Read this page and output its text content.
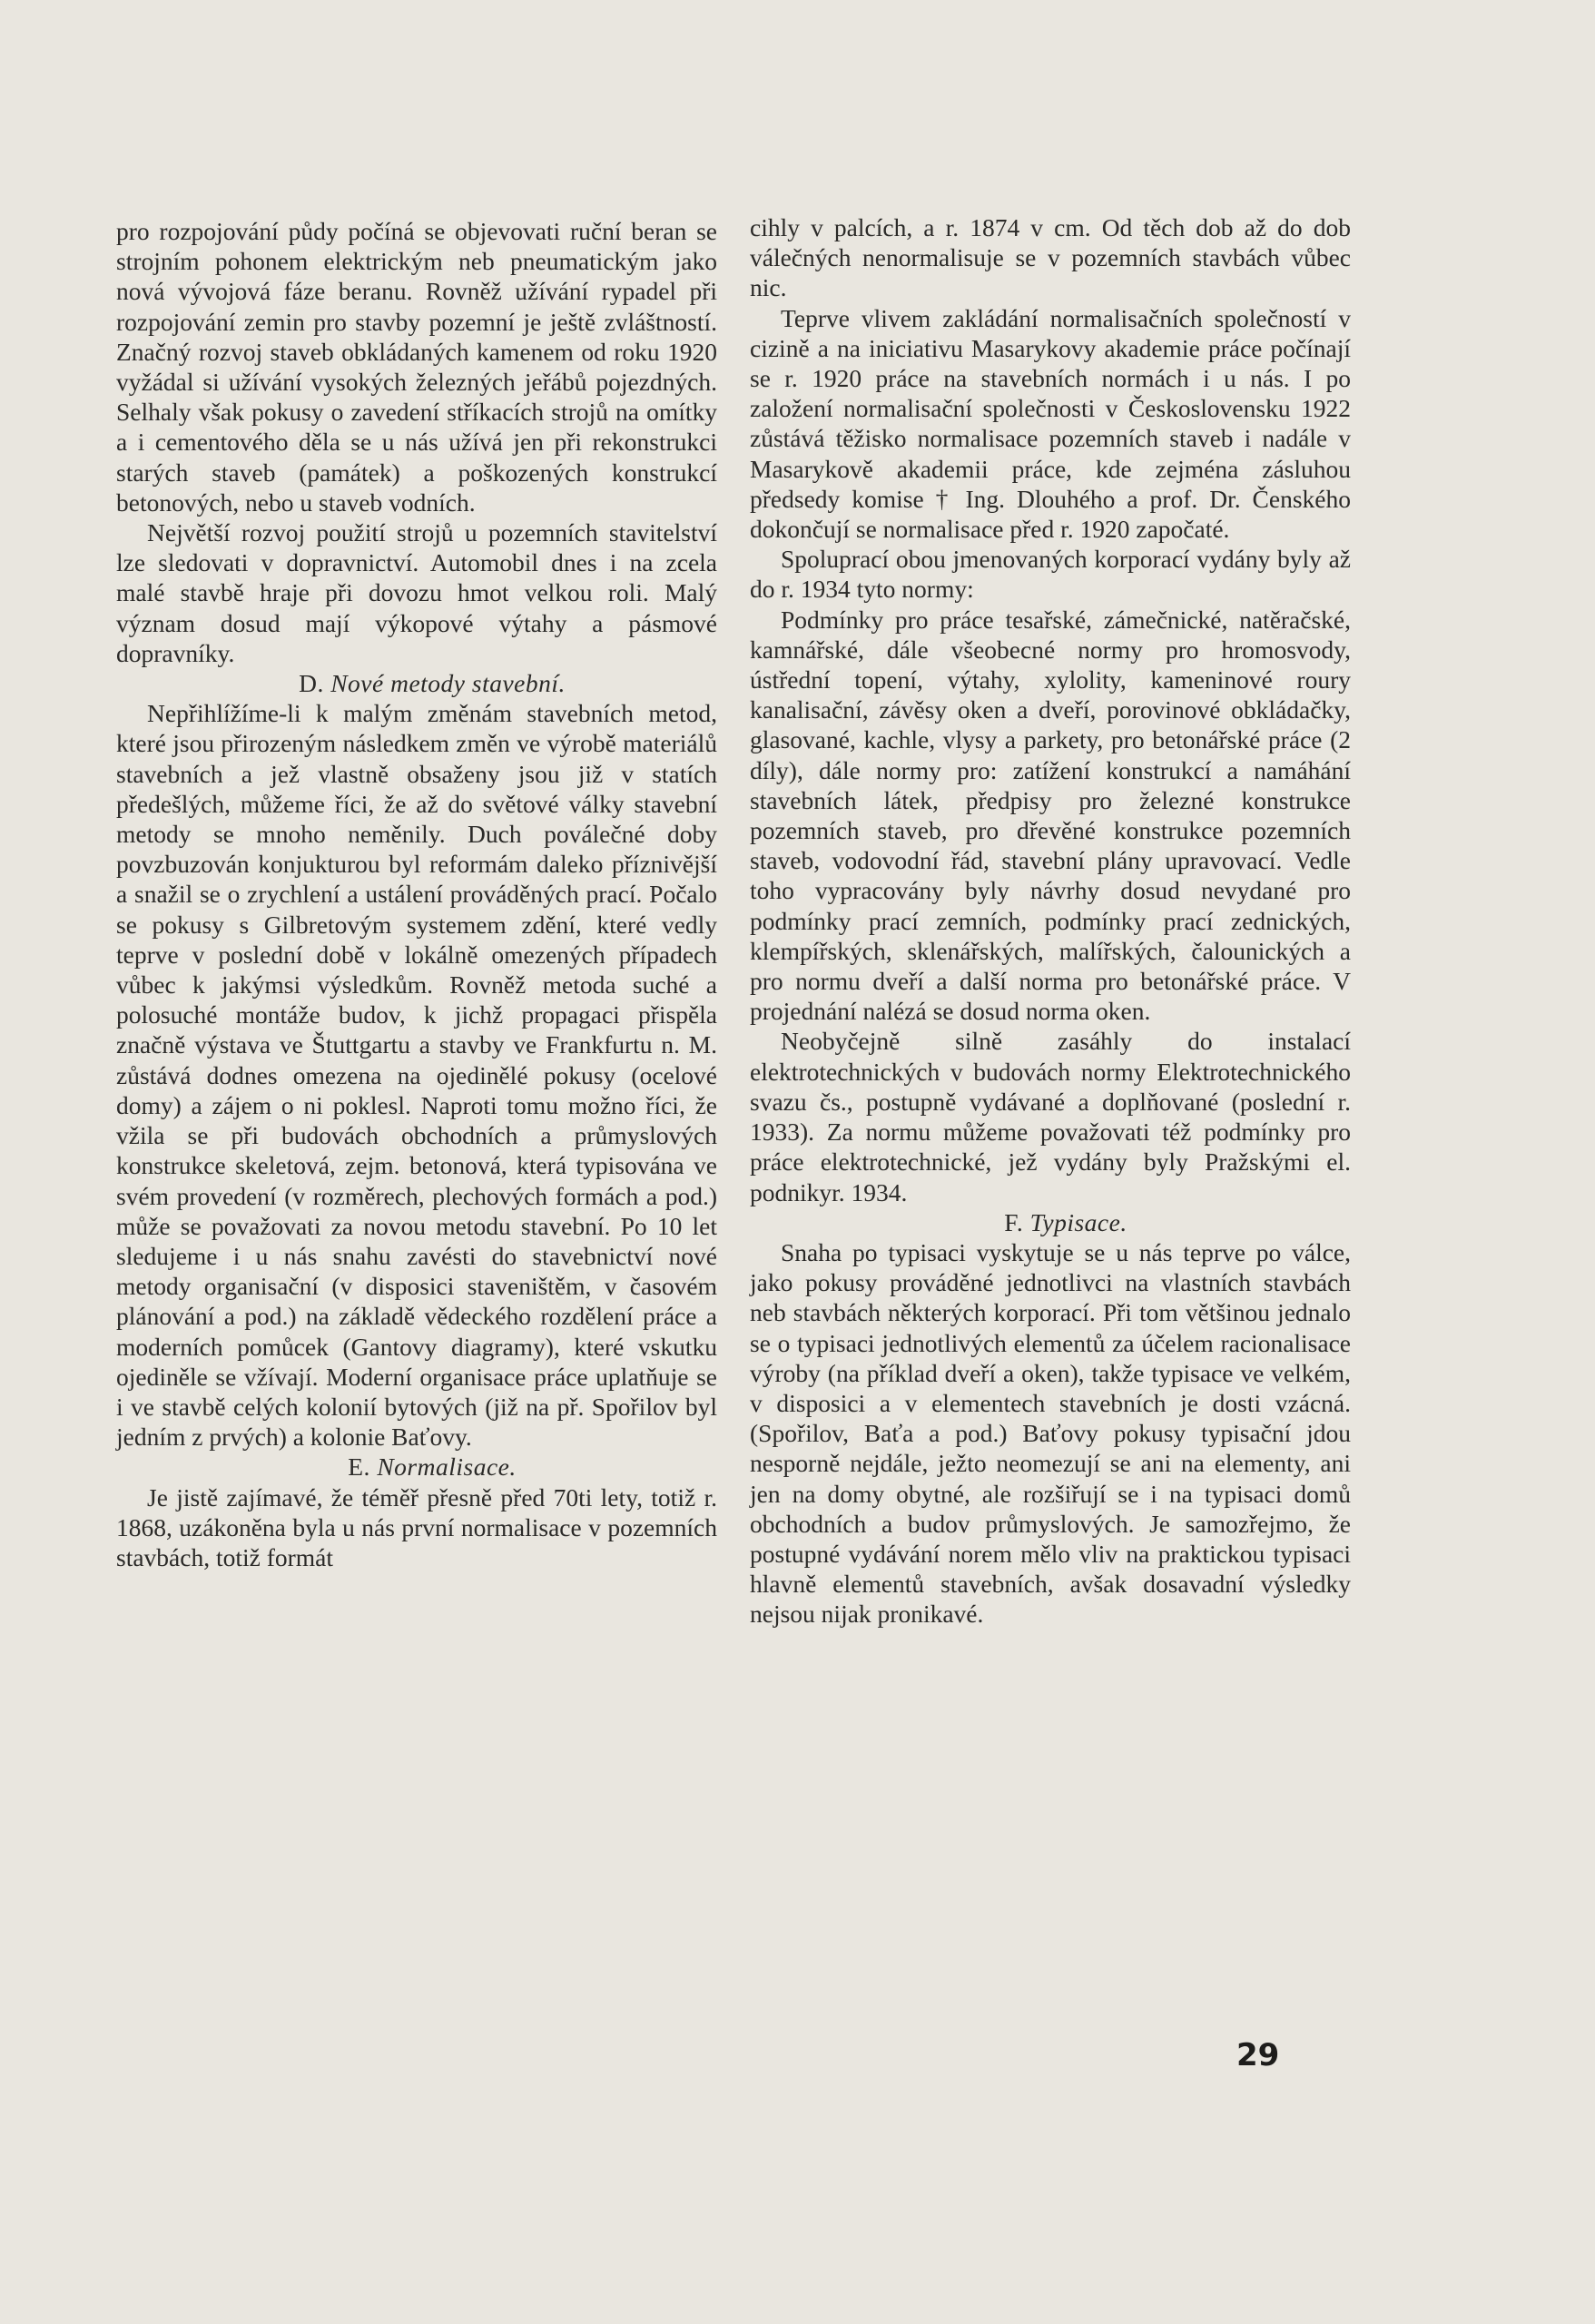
pro rozpojování půdy počíná se objevovati ruční beran se strojním pohonem elektrickým neb pneumatickým jako nová vývojová fáze beranu. Rovněž užívání rypadel při rozpojování zemin pro stavby pozemní je ještě zvláštností. Značný rozvoj staveb obkládaných kamenem od roku 1920 vyžádal si užívání vysokých železných jeřábů pojezdných. Selhaly však pokusy o zavedení stříkacích strojů na omítky a i cementového děla se u nás užívá jen při rekonstrukci starých staveb (památek) a poškozených konstrukcí betonových, nebo u staveb vodních.

Největší rozvoj použití strojů u pozemních stavitelství lze sledovati v dopravnictví. Automobil dnes i na zcela malé stavbě hraje při dovozu hmot velkou roli. Malý význam dosud mají výkopové výtahy a pásmové dopravníky.

D. Nové metody stavební.

Nepřihlížíme-li k malým změnám stavebních metod, které jsou přirozeným následkem změn ve výrobě materiálů stavebních a jež vlastně obsaženy jsou již v statích předešlých, můžeme říci, že až do světové války stavební metody se mnoho neměnily. Duch poválečné doby povzbuzován konjukturou byl reformám daleko příznivější a snažil se o zrychlení a ustálení prováděných prací. Počalo se pokusy s Gilbretovým systemem zdění, které vedly teprve v poslední době v lokálně omezených případech vůbec k jakýmsi výsledkům. Rovněž metoda suché a polosuché montáže budov, k jichž propagaci přispěla značně výstava ve Štuttgartu a stavby ve Frankfurtu n. M. zůstává dodnes omezena na ojedinělé pokusy (ocelové domy) a zájem o ni poklesl. Naproti tomu možno říci, že vžila se při budovách obchodních a průmyslových konstrukce skeletová, zejm. betonová, která typisována ve svém provedení (v rozměrech, plechových formách a pod.) může se považovati za novou metodu stavební. Po 10 let sledujeme i u nás snahu zavésti do stavebnictví nové metody organisační (v disposici staveništěm, v časovém plánování a pod.) na základě vědeckého rozdělení práce a moderních pomůcek (Gantovy diagramy), které vskutku ojediněle se vžívají. Moderní organisace práce uplatňuje se i ve stavbě celých kolonií bytových (již na př. Spořilov byl jedním z prvých) a kolonie Baťovy.

E. Normalisace.

Je jistě zajímavé, že téměř přesně před 70ti lety, totiž r. 1868, uzákoněna byla u nás první normalisace v pozemních stavbách, totiž formát

cihly v palcích, a r. 1874 v cm. Od těch dob až do dob válečných nenormalisuje se v pozemních stavbách vůbec nic.

Teprve vlivem zakládání normalisačních společností v cizině a na iniciativu Masarykovy akademie práce počínají se r. 1920 práce na stavebních normách i u nás. I po založení normalisační společnosti v Československu 1922 zůstává těžisko normalisace pozemních staveb i nadále v Masarykově akademii práce, kde zejména zásluhou předsedy komise † Ing. Dlouhého a prof. Dr. Čenského dokončují se normalisace před r. 1920 započaté.

Spoluprací obou jmenovaných korporací vydány byly až do r. 1934 tyto normy:

Podmínky pro práce tesařské, zámečnické, natěračské, kamnářské, dále všeobecné normy pro hromosvody, ústřední topení, výtahy, xylolity, kameninové roury kanalisační, závěsy oken a dveří, porovinové obkládačky, glasované, kachle, vlysy a parkety, pro betonářské práce (2 díly), dále normy pro: zatížení konstrukcí a namáhání stavebních látek, předpisy pro železné konstrukce pozemních staveb, pro dřevěné konstrukce pozemních staveb, vodovodní řád, stavební plány upravovací. Vedle toho vypracovány byly návrhy dosud nevydané pro podmínky prací zemních, podmínky prací zednických, klempířských, sklenářských, malířských, čalounických a pro normu dveří a další norma pro betonářské práce. V projednání nalézá se dosud norma oken.

Neobyčejně silně zasáhly do instalací elektrotechnických v budovách normy Elektrotechnického svazu čs., postupně vydávané a doplňované (poslední r. 1933). Za normu můžeme považovati též podmínky pro práce elektrotechnické, jež vydány byly Pražskými el. podnikyr. 1934.

F. Typisace.

Snaha po typisaci vyskytuje se u nás teprve po válce, jako pokusy prováděné jednotlivci na vlastních stavbách neb stavbách některých korporací. Při tom většinou jednalo se o typisaci jednotlivých elementů za účelem racionalisace výroby (na příklad dveří a oken), takže typisace ve velkém, v disposici a v elementech stavebních je dosti vzácná. (Spořilov, Baťa a pod.) Baťovy pokusy typisační jdou nesporně nejdále, ježto neomezují se ani na elementy, ani jen na domy obytné, ale rozšiřují se i na typisaci domů obchodních a budov průmyslových. Je samozřejmo, že postupné vydávání norem mělo vliv na praktickou typisaci hlavně elementů stavebních, avšak dosavadní výsledky nejsou nijak pronikavé.

29
